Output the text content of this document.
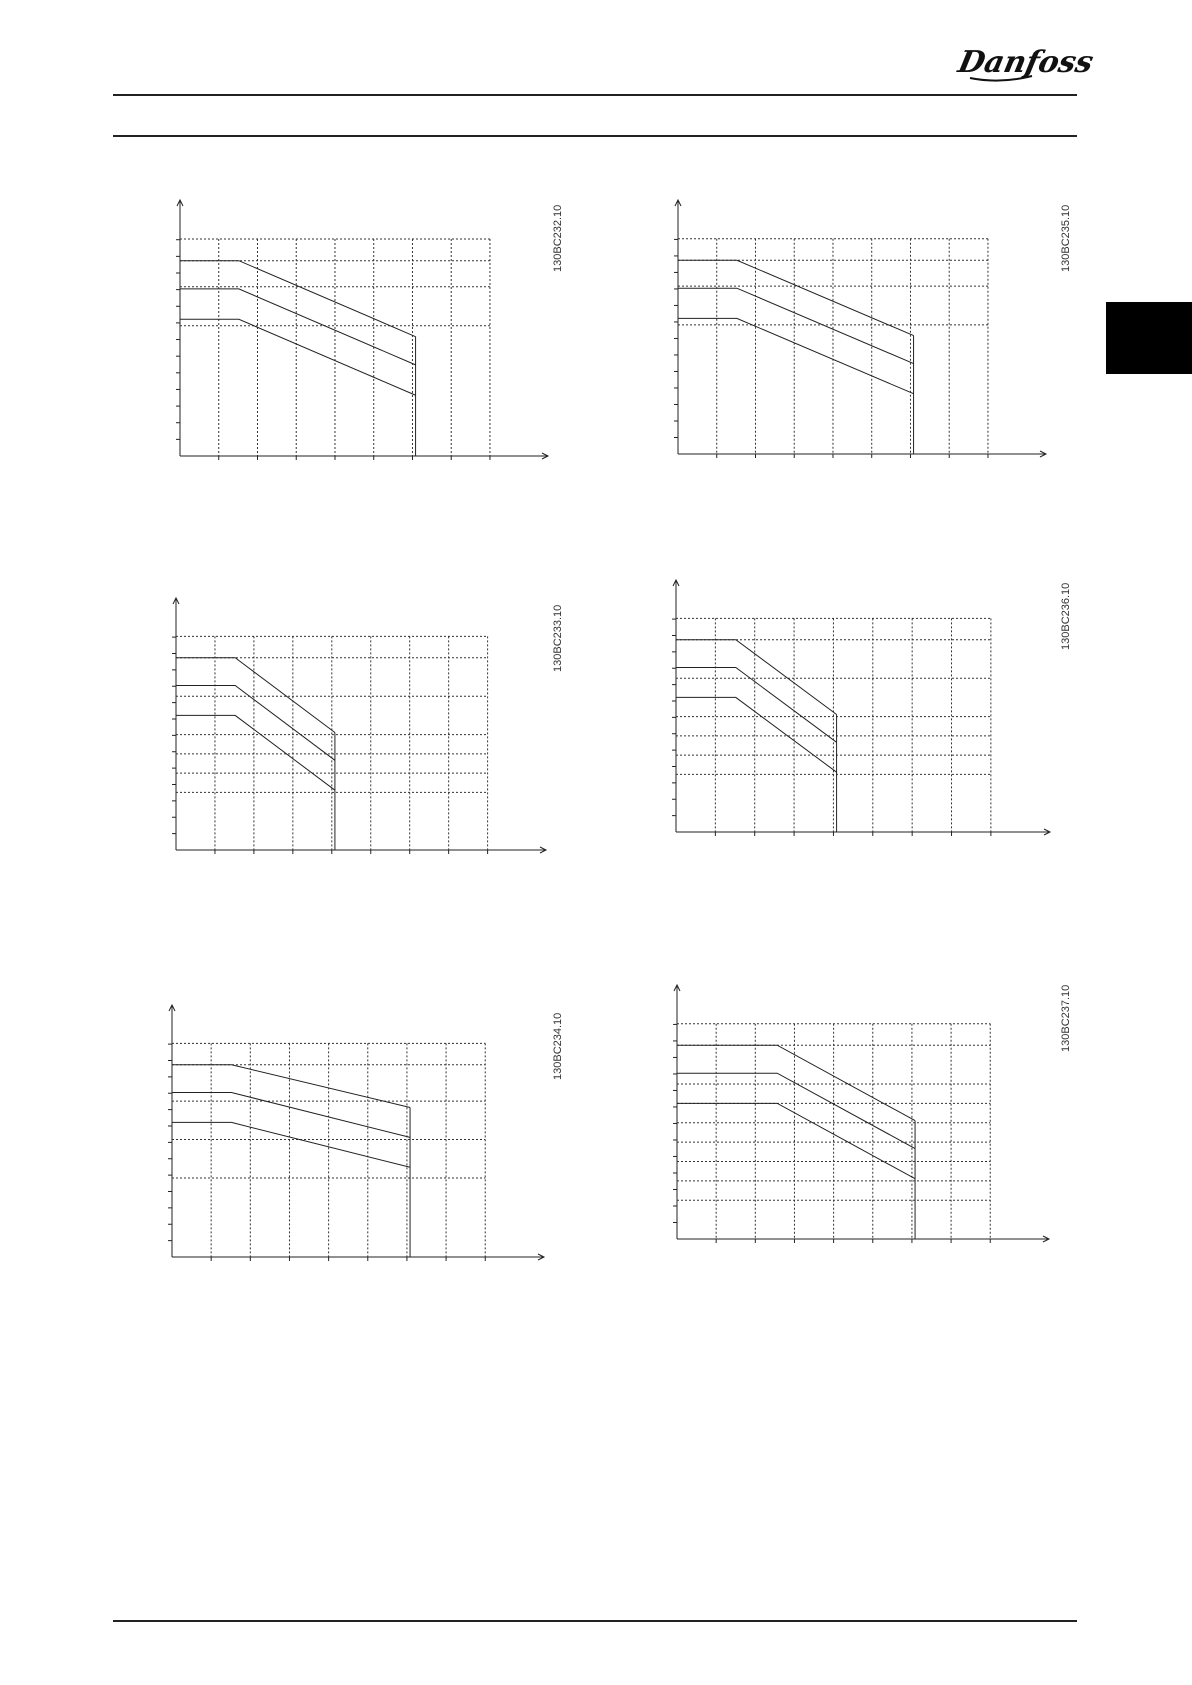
Danfoss
130BC232.10	130BC235.10
130BC233.10	130BC236.10
130BC234.10	130BC237.10
